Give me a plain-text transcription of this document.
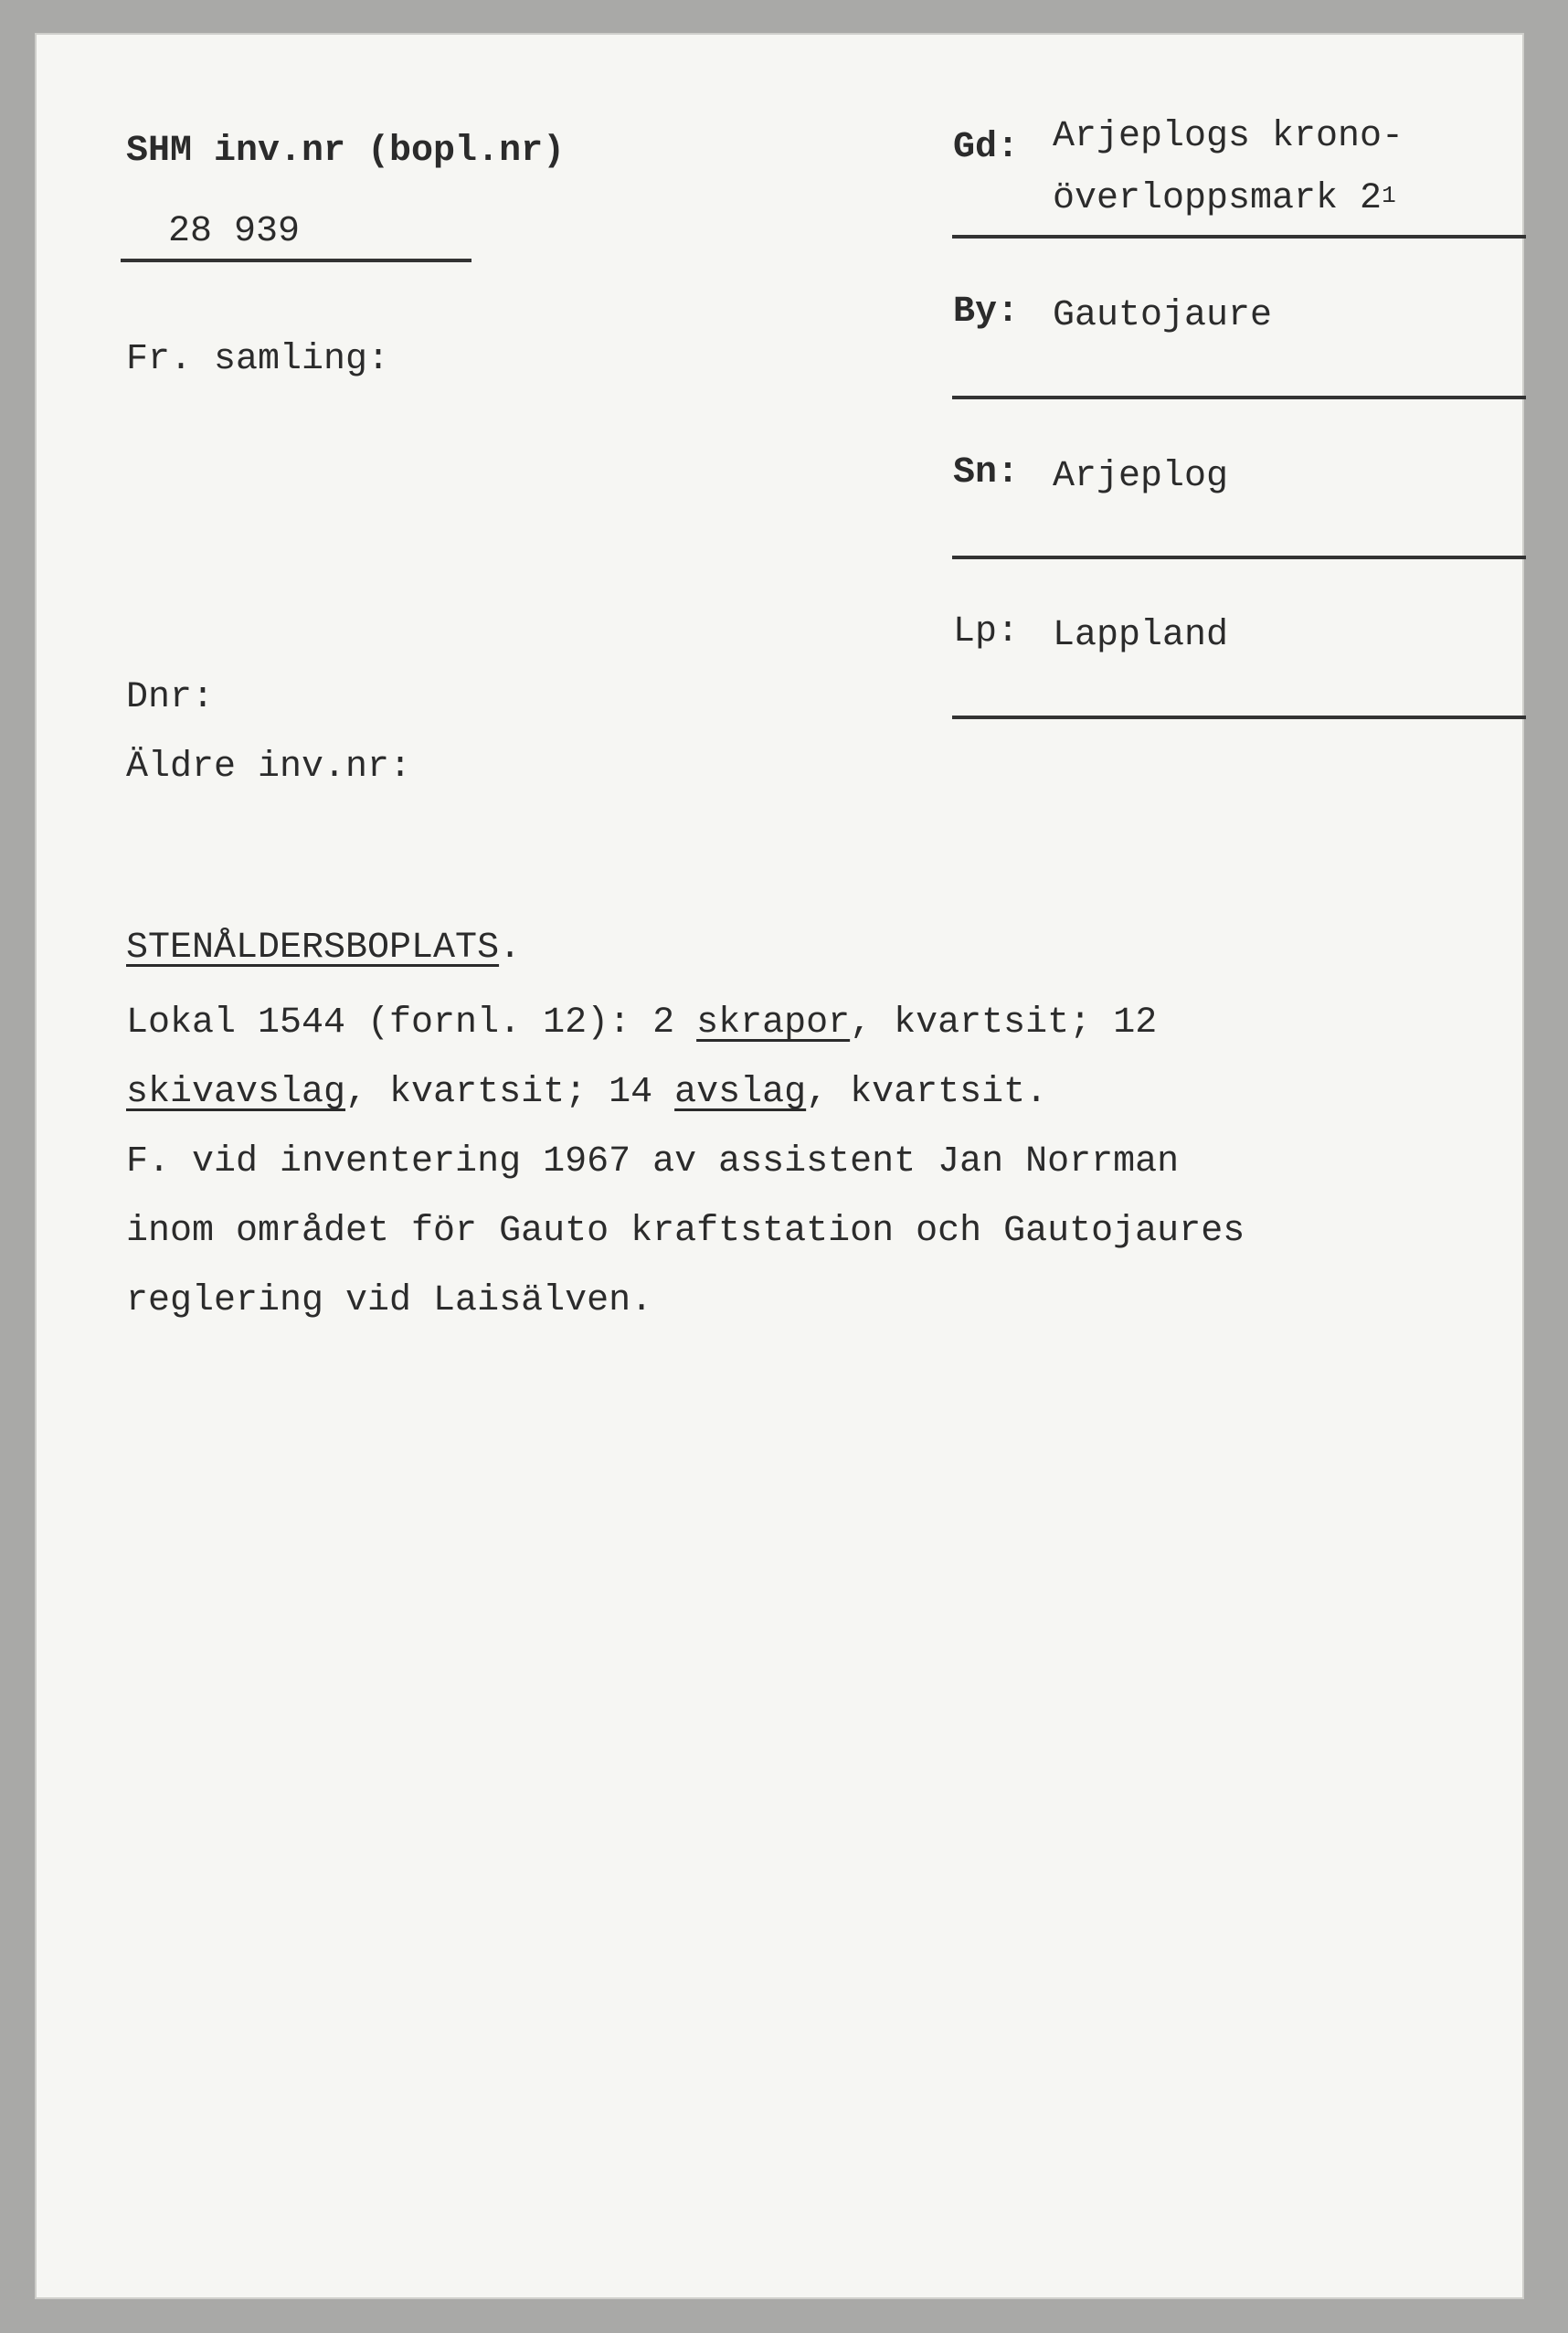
SHM inv.nr (bopl.nr)
28 939
Fr. samling:
Gd: Arjeplogs krono-
överloppsmark $2^1$
By: Gautojaure
Sn: Arjeplog
Lp: Lappland
Dnr:
Äldre inv.nr:
STENÅLDERSBOPLATS.
Lokal 1544 (fornl. 12): 2 skrapor, kvartsit; 12
skivavslag, kvartsit; 14 avslag, kvartsit.
F. vid inventering 1967 av assistent Jan Norrman
inom området för Gauto kraftstation och Gautojaures
reglering vid Laisälven.
